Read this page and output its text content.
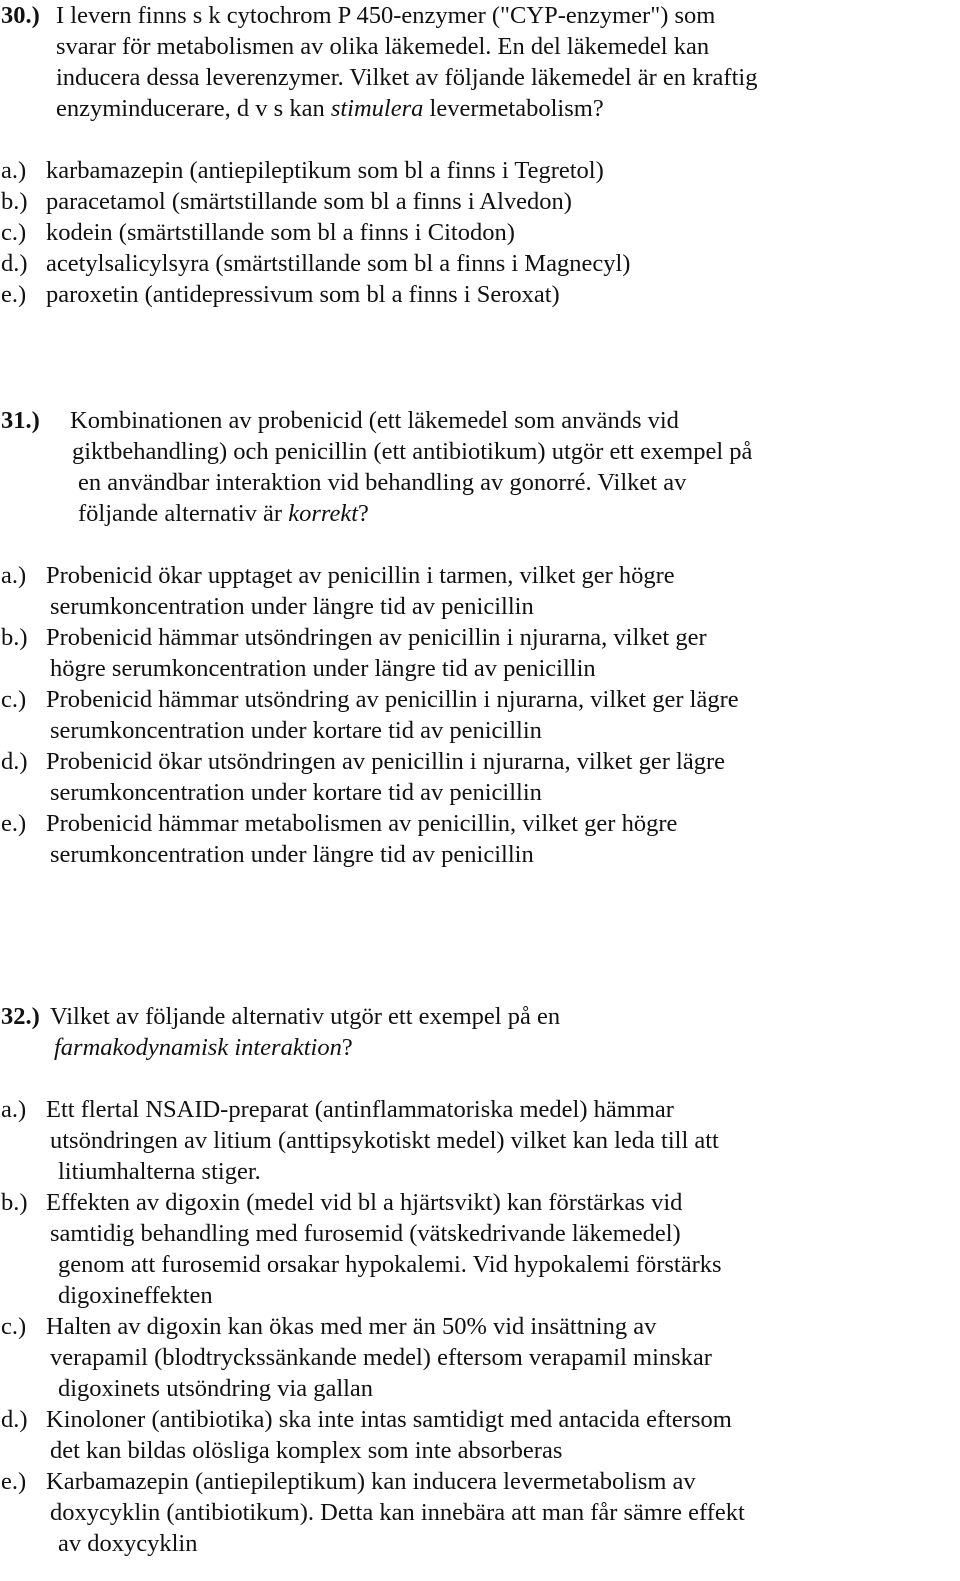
30.) I levern finns s k cytochrom P 450-enzymer ("CYP-enzymer") som
svarar för metabolismen av olika läkemedel. En del läkemedel kan
inducera dessa leverenzymer. Vilket av följande läkemedel är en kraftig
enzyminducerare, d v s kan stimulera levermetabolism?
a.) karbamazepin (antiepileptikum som bl a finns i Tegretol)
b.) paracetamol (smärtstillande som bl a finns i Alvedon)
c.) kodein (smärtstillande som bl a finns i Citodon)
d.) acetylsalicylsyra (smärtstillande som bl a finns i Magnecyl)
e.) paroxetin (antidepressivum som bl a finns i Seroxat)
31.) Kombinationen av probenicid (ett läkemedel som används vid
giktbehandling) och penicillin (ett antibiotikum) utgör ett exempel på
en användbar interaktion vid behandling av gonorré. Vilket av
följande alternativ är korrekt?
a.) Probenicid ökar upptaget av penicillin i tarmen, vilket ger högre
serumkoncentration under längre tid av penicillin
b.) Probenicid hämmar utsöndringen av penicillin i njurarna, vilket ger
högre serumkoncentration under längre tid av penicillin
c.) Probenicid hämmar utsöndring av penicillin i njurarna, vilket ger lägre
serumkoncentration under kortare tid av penicillin
d.) Probenicid ökar utsöndringen av penicillin i njurarna, vilket ger lägre
serumkoncentration under kortare tid av penicillin
e.) Probenicid hämmar metabolismen av penicillin, vilket ger högre
serumkoncentration under längre tid av penicillin
32.) Vilket av följande alternativ utgör ett exempel på en
farmakodynamisk interaktion?
a.) Ett flertal NSAID-preparat (antinflammatoriska medel) hämmar
utsöndringen av litium (anttipsykotiskt medel) vilket kan leda till att
litiumhalterna stiger.
b.) Effekten av digoxin (medel vid bl a hjärtsvikt) kan förstärkas vid
samtidig behandling med furosemid (vätskedrivande läkemedel)
genom att furosemid orsakar hypokalemi. Vid hypokalemi förstärks
digoxineffekten
c.) Halten av digoxin kan ökas med mer än 50% vid insättning av
verapamil (blodtryckssänkande medel) eftersom verapamil minskar
digoxinets utsöndring via gallan
d.) Kinoloner (antibiotika) ska inte intas samtidigt med antacida eftersom
det kan bildas olösliga komplex som inte absorberas
e.) Karbamazepin (antiepileptikum) kan inducera levermetabolism av
doxycyklin (antibiotikum). Detta kan innebära att man får sämre effekt
av doxycyklin
